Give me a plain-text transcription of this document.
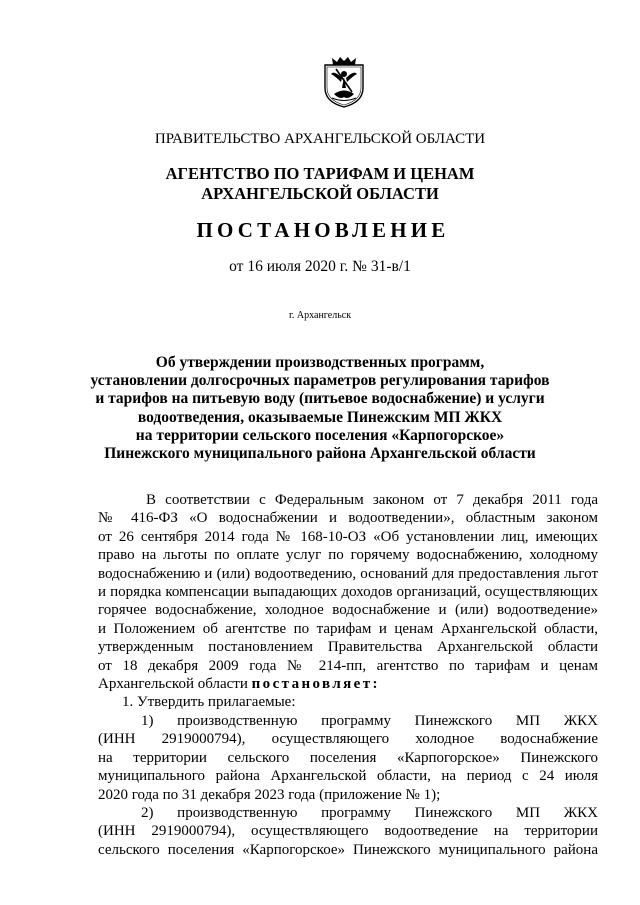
ПРАВИТЕЛЬСТВО АРХАНГЕЛЬСКОЙ ОБЛАСТИ
АГЕНТСТВО ПО ТАРИФАМ И ЦЕНАМ
АРХАНГЕЛЬСКОЙ ОБЛАСТИ
ПОСТАНОВЛЕНИЕ
от 16 июля 2020 г. № 31-в/1
г. Архангельск
Об утверждении производственных программ,
установлении долгосрочных параметров регулирования тарифов
и тарифов на питьевую воду (питьевое водоснабжение) и услуги
водоотведения, оказываемые Пинежским МП ЖКХ
на территории сельского поселения «Карпогорское»
Пинежского муниципального района Архангельской области

В соответствии с Федеральным законом от 7 декабря 2011 года

№ 416-ФЗ «О водоснабжении и водоотведении», областным законом

от 26 сентября 2014 года № 168-10-ОЗ «Об установлении лиц, имеющих

право на льготы по оплате услуг по горячему водоснабжению, холодному

водоснабжению и (или) водоотведению, оснований для предоставления льгот

и порядка компенсации выпадающих доходов организаций, осуществляющих

горячее водоснабжение, холодное водоснабжение и (или) водоотведение»

и Положением об агентстве по тарифам и ценам Архангельской области,

утвержденным постановлением Правительства Архангельской области

от 18 декабря 2009 года № 214-пп, агентство по тарифам и ценам

Архангельской области постановляет:

1. Утвердить прилагаемые:

1) производственную программу Пинежского МП ЖКХ

(ИНН 2919000794), осуществляющего холодное водоснабжение

на территории сельского поселения «Карпогорское» Пинежского

муниципального района Архангельской области, на период с 24 июля

2020 года по 31 декабря 2023 года (приложение № 1);

2) производственную программу Пинежского МП ЖКХ

(ИНН 2919000794), осуществляющего водоотведение на территории

сельского поселения «Карпогорское» Пинежского муниципального района
